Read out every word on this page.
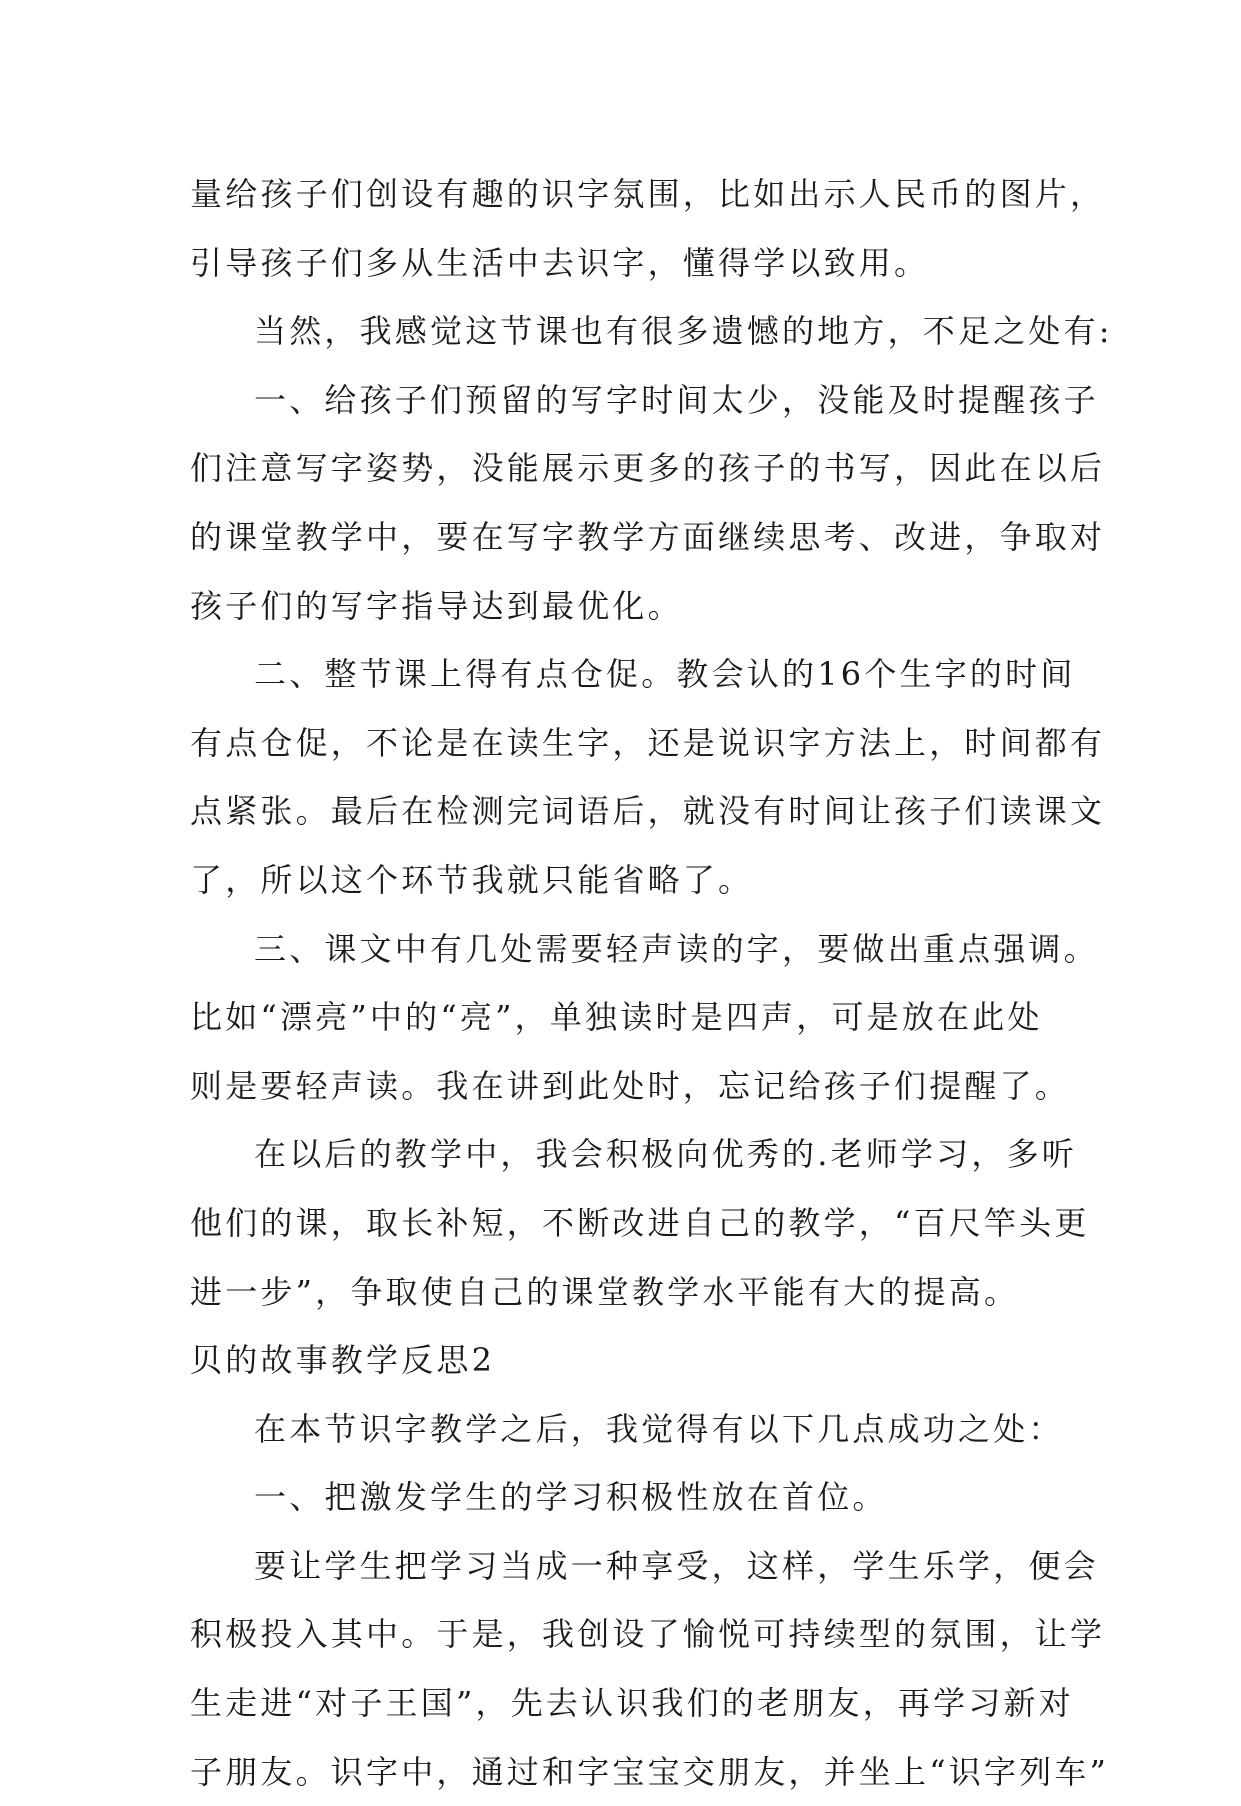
量给孩子们创设有趣的识字氛围，比如出示人民币的图片，
引导孩子们多从生活中去识字，懂得学以致用。
当然，我感觉这节课也有很多遗憾的地方，不足之处有:
一、给孩子们预留的写字时间太少，没能及时提醒孩子
们注意写字姿势，没能展示更多的孩子的书写，因此在以后
的课堂教学中，要在写字教学方面继续思考、改进，争取对
孩子们的写字指导达到最优化。
二、整节课上得有点仓促。教会认的16个生字的时间
有点仓促，不论是在读生字，还是说识字方法上，时间都有
点紧张。最后在检测完词语后，就没有时间让孩子们读课文
了，所以这个环节我就只能省略了。
三、课文中有几处需要轻声读的字，要做出重点强调。
比如“漂亮”中的“亮”，单独读时是四声，可是放在此处
则是要轻声读。我在讲到此处时，忘记给孩子们提醒了。
在以后的教学中，我会积极向优秀的.老师学习，多听
他们的课，取长补短，不断改进自己的教学，“百尺竿头更
进一步”，争取使自己的课堂教学水平能有大的提高。
贝的故事教学反思2
在本节识字教学之后，我觉得有以下几点成功之处：
一、把激发学生的学习积极性放在首位。
要让学生把学习当成一种享受，这样，学生乐学，便会
积极投入其中。于是，我创设了愉悦可持续型的氛围，让学
生走进“对子王国”，先去认识我们的老朋友，再学习新对
子朋友。识字中，通过和字宝宝交朋友，并坐上“识字列车”
